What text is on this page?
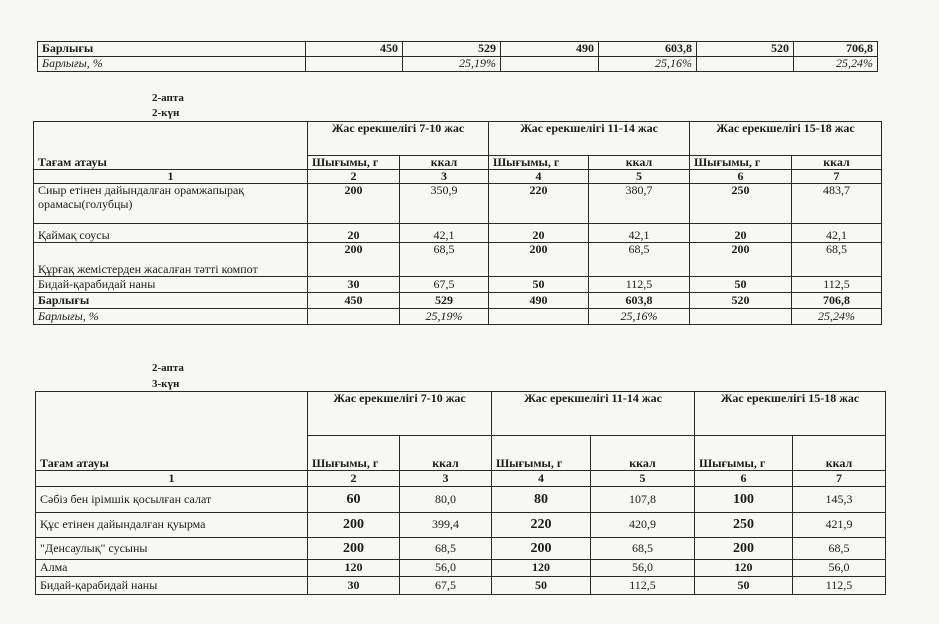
Барлығы	450	529	490	603,8	520	706,8
Барлығы, %		25,19%		25,16%		25,24%
2-апта
2-күн
Тағам атауы	Жас ерекшелігі 7-10 жас		Жас ерекшелігі 11-14 жас		Жас ерекшелігі 15-18 жас	
	Шығымы, г	ккал	Шығымы, г	ккал	Шығымы, г	ккал
1	2	3	4	5	6	7
Сиыр етінен дайындалған орамжапырақ орамасы(голубцы)	200	350,9	220	380,7	250	483,7
Қаймақ соусы	20	42,1	20	42,1	20	42,1
Құрғақ жемістерден жасалған тәтті компот	200	68,5	200	68,5	200	68,5
Бидай-қарабидай наны	30	67,5	50	112,5	50	112,5
Барлығы	450	529	490	603,8	520	706,8
Барлығы, %		25,19%		25,16%		25,24%
2-апта
3-күн
Тағам атауы	Жас ерекшелігі 7-10 жас		Жас ерекшелігі 11-14 жас		Жас ерекшелігі 15-18 жас	
	Шығымы, г	ккал	Шығымы, г	ккал	Шығымы, г	ккал
1	2	3	4	5	6	7
Сәбіз бен ірімшік қосылған салат	60	80,0	80	107,8	100	145,3
Құс етінен дайындалған қуырма	200	399,4	220	420,9	250	421,9
"Денсаулық" сусыны	200	68,5	200	68,5	200	68,5
Алма	120	56,0	120	56,0	120	56,0
Бидай-қарабидай наны	30	67,5	50	112,5	50	112,5
